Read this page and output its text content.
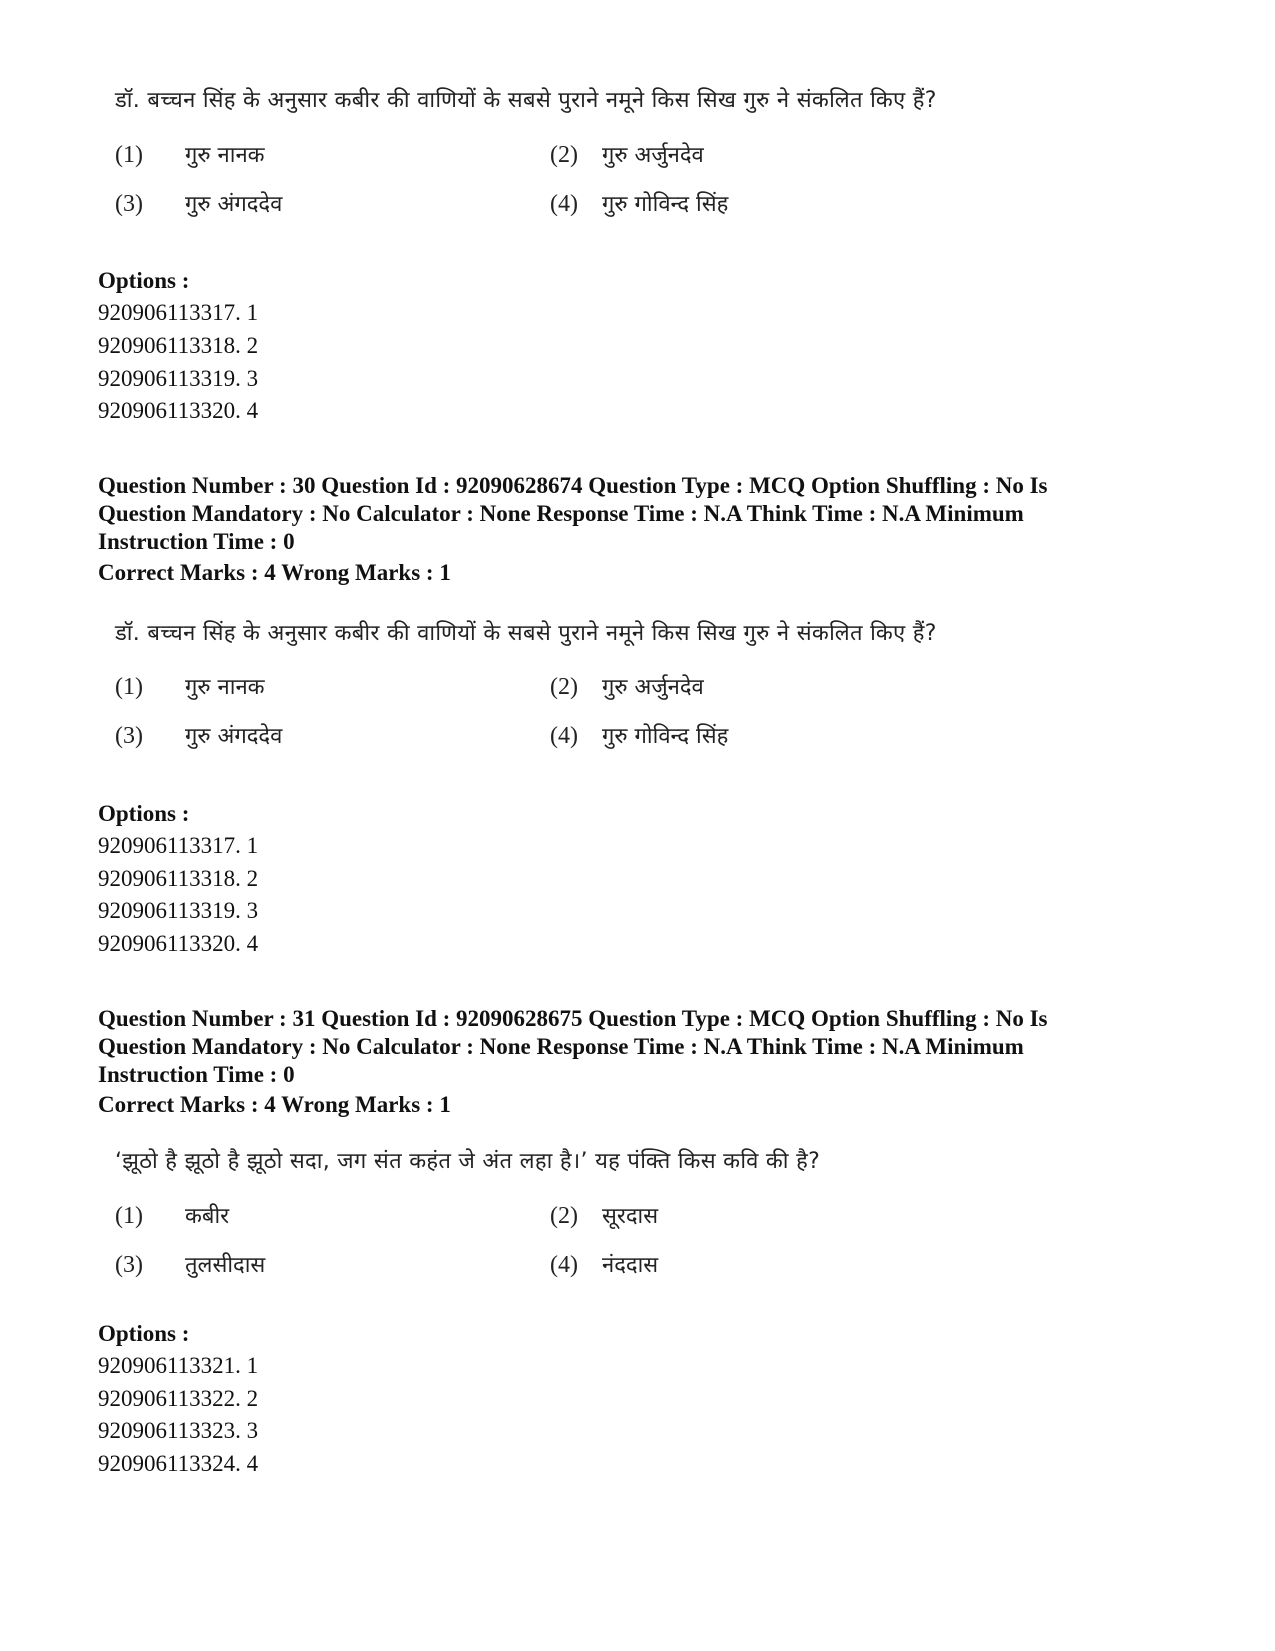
डॉ. बच्चन सिंह के अनुसार कबीर की वाणियों के सबसे पुराने नमूने किस सिख गुरु ने संकलित किए हैं?
(1) गुरु नानक	(2) गुरु अर्जुनदेव
(3) गुरु अंगददेव	(4) गुरु गोविन्द सिंह
Options :
920906113317. 1
920906113318. 2
920906113319. 3
920906113320. 4
Question Number : 30 Question Id : 92090628674 Question Type : MCQ Option Shuffling : No Is
Question Mandatory : No Calculator : None Response Time : N.A Think Time : N.A Minimum
Instruction Time : 0
Correct Marks : 4 Wrong Marks : 1
डॉ. बच्चन सिंह के अनुसार कबीर की वाणियों के सबसे पुराने नमूने किस सिख गुरु ने संकलित किए हैं?
(1) गुरु नानक	(2) गुरु अर्जुनदेव
(3) गुरु अंगददेव	(4) गुरु गोविन्द सिंह
Options :
920906113317. 1
920906113318. 2
920906113319. 3
920906113320. 4
Question Number : 31 Question Id : 92090628675 Question Type : MCQ Option Shuffling : No Is
Question Mandatory : No Calculator : None Response Time : N.A Think Time : N.A Minimum
Instruction Time : 0
Correct Marks : 4 Wrong Marks : 1
‘झूठो है झूठो है झूठो सदा, जग संत कहंत जे अंत लहा है।’ यह पंक्ति किस कवि की है?
(1) कबीर	(2) सूरदास
(3) तुलसीदास	(4) नंददास
Options :
920906113321. 1
920906113322. 2
920906113323. 3
920906113324. 4
